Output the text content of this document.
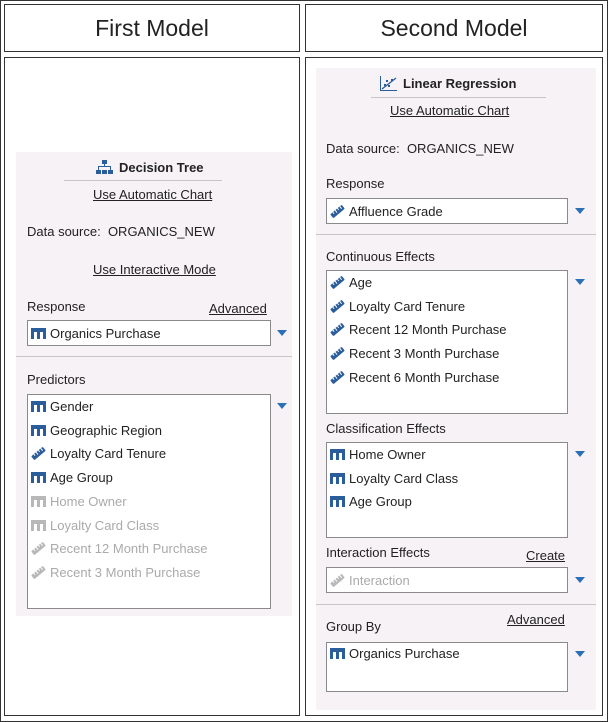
First Model	Second Model
Decision Tree
Use Automatic Chart
Data source: ORGANICS_NEW
Use Interactive Mode
Response	Advanced
Organics Purchase
Predictors
Gender
Geographic Region
Loyalty Card Tenure
Age Group
Home Owner
Loyalty Card Class
Recent 12 Month Purchase
Recent 3 Month Purchase
Linear Regression
Use Automatic Chart
Data source: ORGANICS_NEW
Response
Affluence Grade
Continuous Effects
Age
Loyalty Card Tenure
Recent 12 Month Purchase
Recent 3 Month Purchase
Recent 6 Month Purchase
Classification Effects
Home Owner
Loyalty Card Class
Age Group
Interaction Effects	Create
Interaction
Group By	Advanced
Organics Purchase
